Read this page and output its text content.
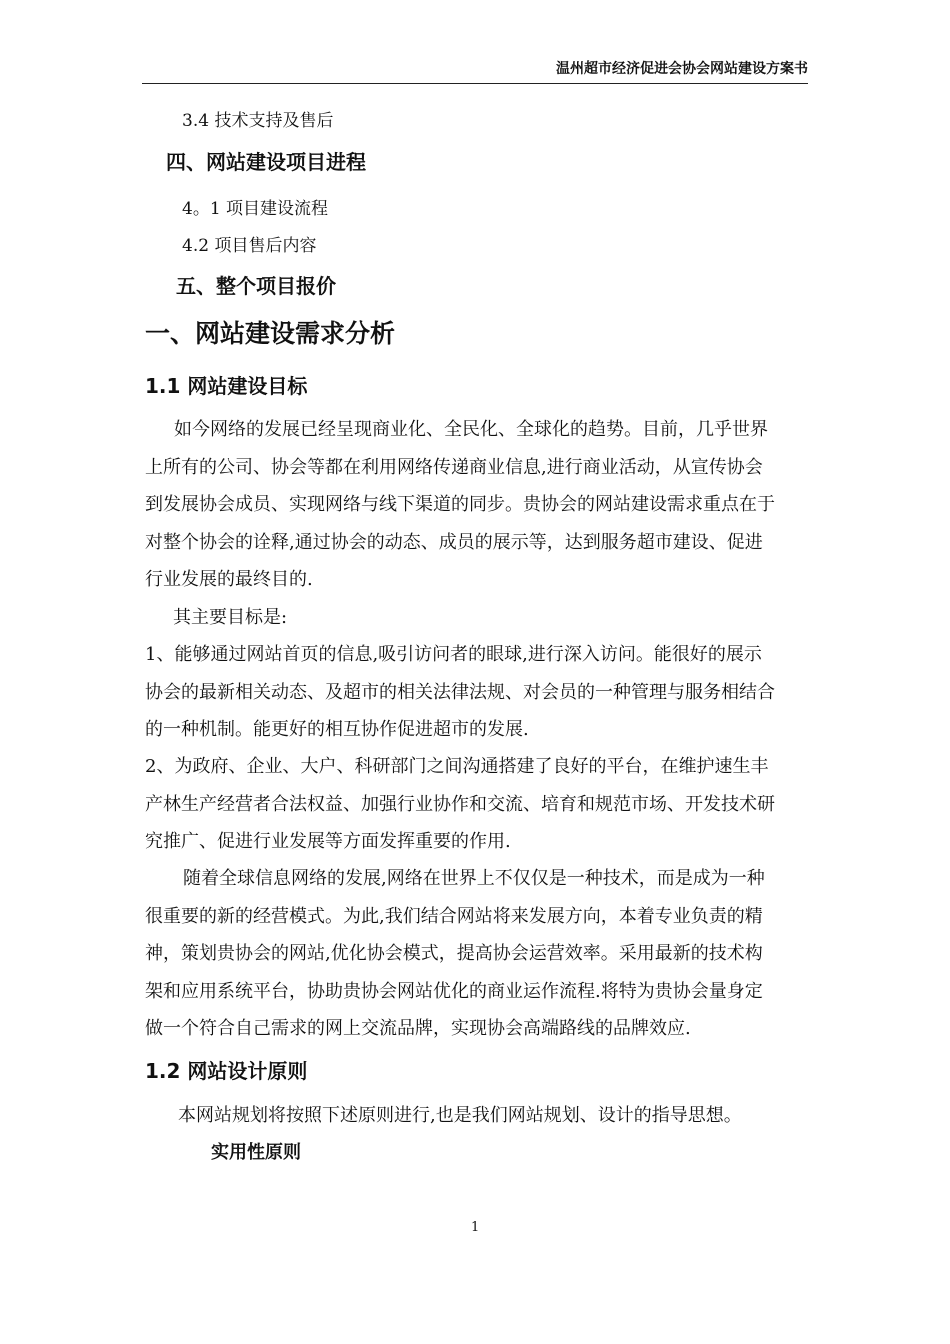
温州超市经济促进会协会网站建设方案书
3.4 技术支持及售后
四、网站建设项目进程
4。1 项目建设流程
4.2 项目售后内容
五、整个项目报价
一、网站建设需求分析
1.1 网站建设目标
如今网络的发展已经呈现商业化、全民化、全球化的趋势。目前，几乎世界
上所有的公司、协会等都在利用网络传递商业信息,进行商业活动，从宣传协会
到发展协会成员、实现网络与线下渠道的同步。贵协会的网站建设需求重点在于
对整个协会的诠释,通过协会的动态、成员的展示等，达到服务超市建设、促进
行业发展的最终目的.
其主要目标是:
1、能够通过网站首页的信息,吸引访问者的眼球,进行深入访问。能很好的展示
协会的最新相关动态、及超市的相关法律法规、对会员的一种管理与服务相结合
的一种机制。能更好的相互协作促进超市的发展.
2、为政府、企业、大户、科研部门之间沟通搭建了良好的平台，在维护速生丰
产林生产经营者合法权益、加强行业协作和交流、培育和规范市场、开发技术研
究推广、促进行业发展等方面发挥重要的作用.
随着全球信息网络的发展,网络在世界上不仅仅是一种技术，而是成为一种
很重要的新的经营模式。为此,我们结合网站将来发展方向，本着专业负责的精
神，策划贵协会的网站,优化协会模式，提高协会运营效率。采用最新的技术构
架和应用系统平台，协助贵协会网站优化的商业运作流程.将特为贵协会量身定
做一个符合自己需求的网上交流品牌，实现协会高端路线的品牌效应.
1.2 网站设计原则
本网站规划将按照下述原则进行,也是我们网站规划、设计的指导思想。
实用性原则
1
